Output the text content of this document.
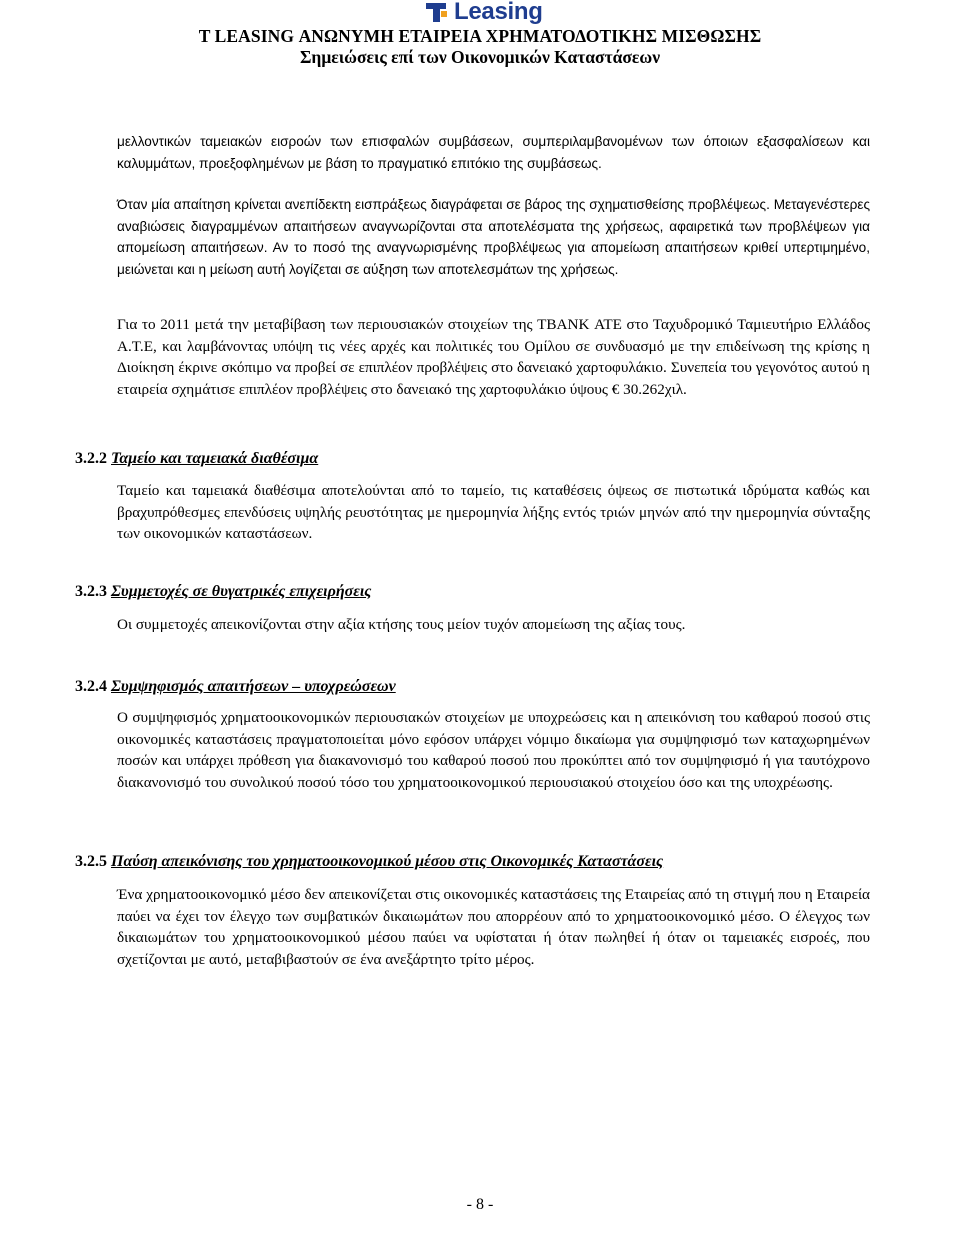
Leasing
T LEASING ΑΝΩΝΥΜΗ ΕΤΑΙΡΕΙΑ ΧΡΗΜΑΤΟΔΟΤΙΚΗΣ ΜΙΣΘΩΣΗΣ
Σημειώσεις επί των Οικονομικών Καταστάσεων

μελλοντικών ταμειακών εισροών των επισφαλών συμβάσεων, συμπεριλαμβανομένων των όποιων εξασφαλίσεων και καλυμμάτων, προεξοφλημένων με βάση το πραγματικό επιτόκιο της συμβάσεως.

Όταν μία απαίτηση κρίνεται ανεπίδεκτη εισπράξεως διαγράφεται σε βάρος της σχηματισθείσης προβλέψεως. Μεταγενέστερες αναβιώσεις διαγραμμένων απαιτήσεων αναγνωρίζονται στα αποτελέσματα της χρήσεως, αφαιρετικά των προβλέψεων για απομείωση απαιτήσεων. Αν το ποσό της αναγνωρισμένης προβλέψεως για απομείωση απαιτήσεων κριθεί υπερτιμημένο, μειώνεται και η μείωση αυτή λογίζεται σε αύξηση των αποτελεσμάτων της χρήσεως.

Για το 2011 μετά την μεταβίβαση των περιουσιακών στοιχείων της TBANK ΑΤΕ στο Ταχυδρομικό Ταμιευτήριο Ελλάδος Α.Τ.Ε, και λαμβάνοντας υπόψη τις νέες αρχές και πολιτικές του Ομίλου σε συνδυασμό με την επιδείνωση της κρίσης η Διοίκηση έκρινε σκόπιμο να προβεί σε επιπλέον προβλέψεις στο δανειακό χαρτοφυλάκιο. Συνεπεία του γεγονότος αυτού η εταιρεία σχημάτισε επιπλέον προβλέψεις στο δανειακό της χαρτοφυλάκιο ύψους € 30.262χιλ.

3.2.2 Ταμείο και ταμειακά διαθέσιμα

Ταμείο και ταμειακά διαθέσιμα αποτελούνται από το ταμείο, τις καταθέσεις όψεως σε πιστωτικά ιδρύματα καθώς και βραχυπρόθεσμες επενδύσεις υψηλής ρευστότητας με ημερομηνία λήξης εντός τριών μηνών από την ημερομηνία σύνταξης των οικονομικών καταστάσεων.

3.2.3 Συμμετοχές σε θυγατρικές επιχειρήσεις

Οι συμμετοχές απεικονίζονται στην αξία κτήσης τους μείον τυχόν απομείωση της αξίας τους.

3.2.4 Συμψηφισμός απαιτήσεων – υποχρεώσεων

Ο συμψηφισμός χρηματοοικονομικών περιουσιακών στοιχείων με υποχρεώσεις και η απεικόνιση του καθαρού ποσού στις οικονομικές καταστάσεις πραγματοποιείται μόνο εφόσον υπάρχει νόμιμο δικαίωμα για συμψηφισμό των καταχωρημένων ποσών και υπάρχει πρόθεση για διακανονισμό του καθαρού ποσού που προκύπτει από τον συμψηφισμό ή για ταυτόχρονο διακανονισμό του συνολικού ποσού τόσο του χρηματοοικονομικού περιουσιακού στοιχείου όσο και της υποχρέωσης.

3.2.5 Παύση απεικόνισης του χρηματοοικονομικού μέσου στις Οικονομικές Καταστάσεις

Ένα χρηματοοικονομικό μέσο δεν απεικονίζεται στις οικονομικές καταστάσεις της Εταιρείας από τη στιγμή που η Εταιρεία παύει να έχει τον έλεγχο των συμβατικών δικαιωμάτων που απορρέουν από το χρηματοοικονομικό μέσο. Ο έλεγχος των δικαιωμάτων του χρηματοοικονομικού μέσου παύει να υφίσταται ή όταν πωληθεί ή όταν οι ταμειακές εισροές, που σχετίζονται με αυτό, μεταβιβαστούν σε ένα ανεξάρτητο τρίτο μέρος.

- 8 -
